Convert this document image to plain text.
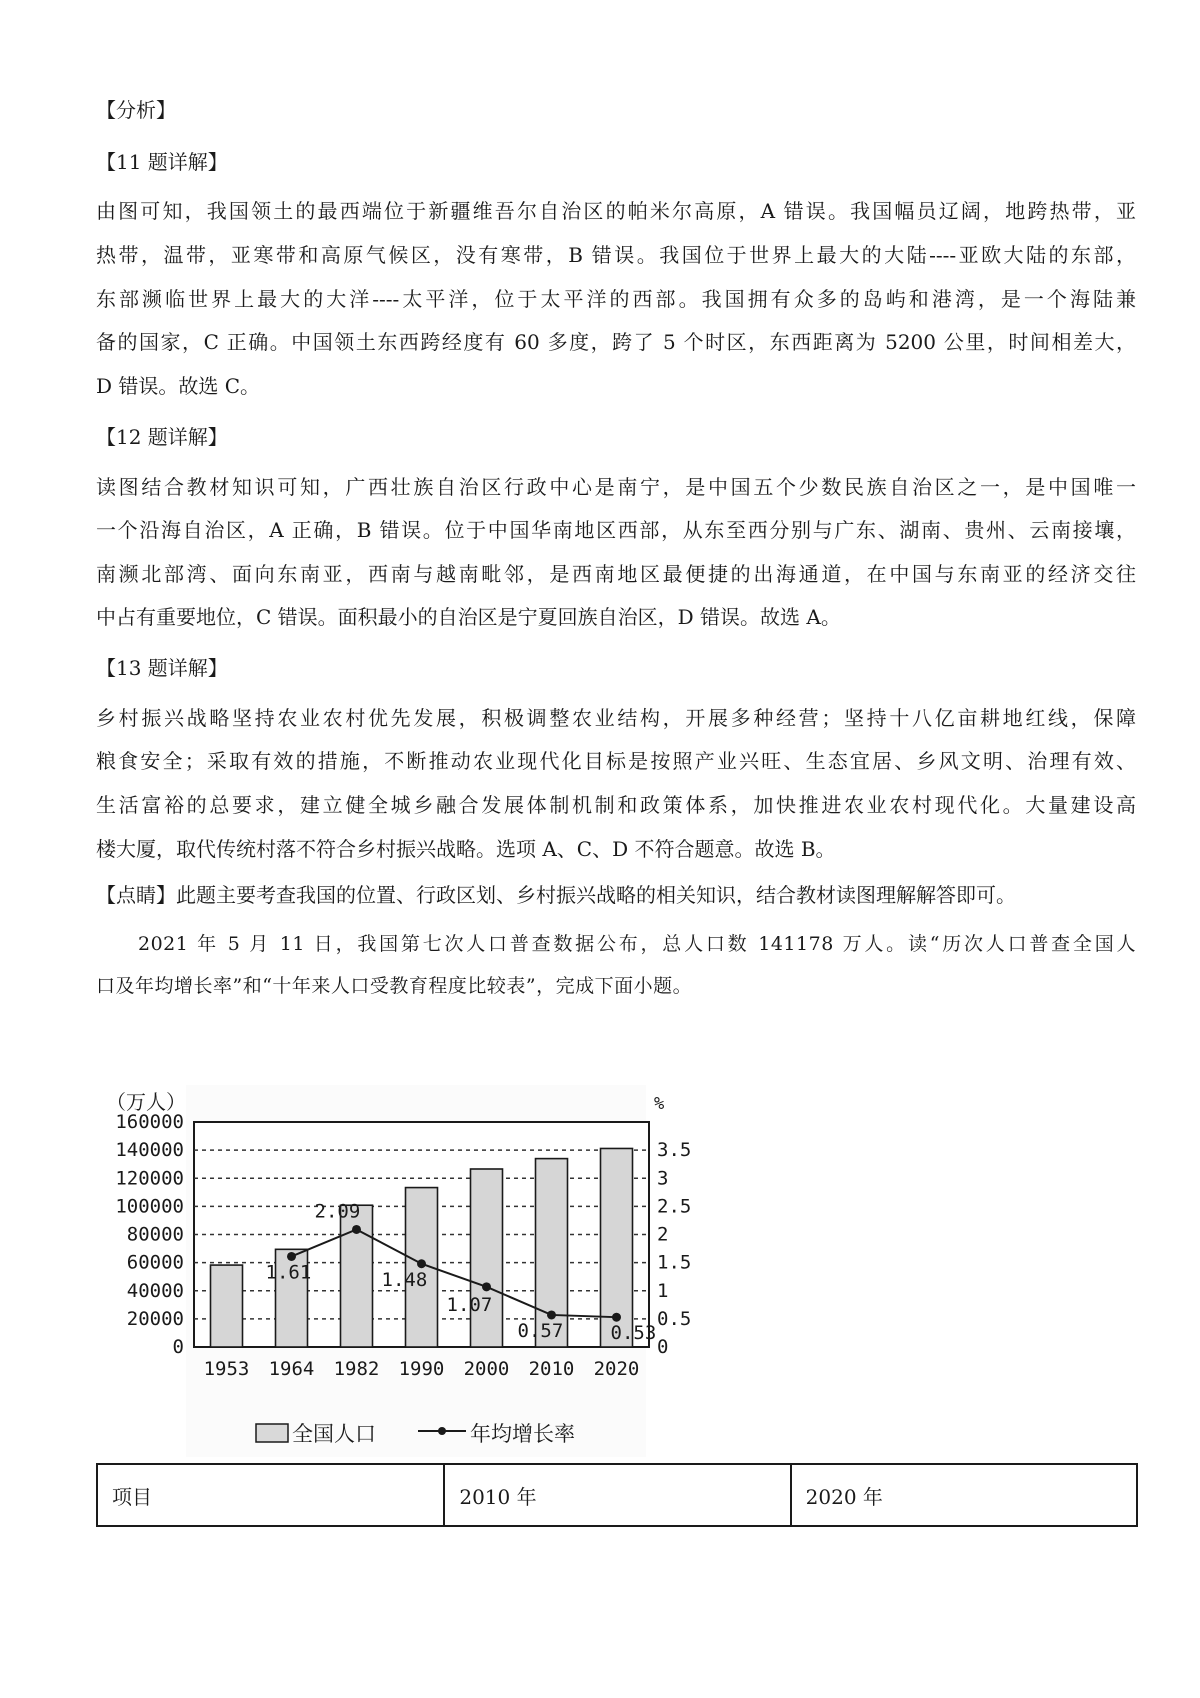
【分析】
【11 题详解】
由图可知，我国领土的最西端位于新疆维吾尔自治区的帕米尔高原，A 错误。我国幅员辽阔，地跨热带，亚
热带，温带，亚寒带和高原气候区，没有寒带，B 错误。我国位于世界上最大的大陆----亚欧大陆的东部，
东部濒临世界上最大的大洋----太平洋，位于太平洋的西部。我国拥有众多的岛屿和港湾，是一个海陆兼
备的国家，C 正确。中国领土东西跨经度有 60 多度，跨了 5 个时区，东西距离为 5200 公里，时间相差大，
D 错误。故选 C。
【12 题详解】
读图结合教材知识可知，广西壮族自治区行政中心是南宁，是中国五个少数民族自治区之一，是中国唯一
一个沿海自治区，A 正确，B 错误。位于中国华南地区西部，从东至西分别与广东、湖南、贵州、云南接壤，
南濒北部湾、面向东南亚，西南与越南毗邻，是西南地区最便捷的出海通道，在中国与东南亚的经济交往
中占有重要地位，C 错误。面积最小的自治区是宁夏回族自治区，D 错误。故选 A。
【13 题详解】
乡村振兴战略坚持农业农村优先发展，积极调整农业结构，开展多种经营；坚持十八亿亩耕地红线，保障
粮食安全；采取有效的措施，不断推动农业现代化目标是按照产业兴旺、生态宜居、乡风文明、治理有效、
生活富裕的总要求，建立健全城乡融合发展体制机制和政策体系，加快推进农业农村现代化。大量建设高
楼大厦，取代传统村落不符合乡村振兴战略。选项 A、C、D 不符合题意。故选 B。
【点睛】此题主要考查我国的位置、行政区划、乡村振兴战略的相关知识，结合教材读图理解解答即可。
2021 年 5 月 11 日，我国第七次人口普查数据公布，总人口数 141178 万人。读“历次人口普查全国人
口及年均增长率”和“十年来人口受教育程度比较表”，完成下面小题。
1.61
2.09
1.48
1.07
0.57 0.53
160000
140000
120000
100000
80000
60000
40000
20000
0
3.5
3
2.5
2
1.5
1
0.5
0
1953 1964 1982 1990 2000 2010 2020
（万人）	%
全国人口	年均增长率
项目	2010 年	2020 年
